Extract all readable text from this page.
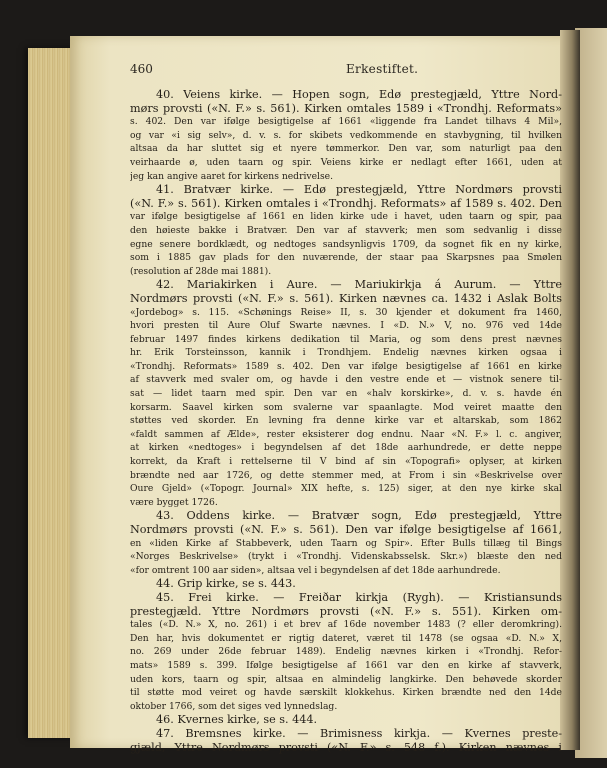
460	Erkestiftet.
40. Veiens kirke. — Hopen sogn, Edø prestegjæld, Yttre Nord-
mørs provsti («N. F.» s. 561). Kirken omtales 1589 i «Trondhj. Reformats»
s. 402. Den var ifølge besigtigelse af 1661 «liggende fra Landet tilhavs 4 Mil»,
og var «i sig selv», d. v. s. for skibets vedkommende en stavbygning, til hvilken
altsaa da har sluttet sig et nyere tømmerkor. Den var, som naturligt paa den
veirhaarde ø, uden taarn og spir. Veiens kirke er nedlagt efter 1661, uden at
jeg kan angive aaret for kirkens nedrivelse.
41. Bratvær kirke. — Edø prestegjæld, Yttre Nordmørs provsti
(«N. F.» s. 561). Kirken omtales i «Trondhj. Reformats» af 1589 s. 402. Den
var ifølge besigtigelse af 1661 en liden kirke ude i havet, uden taarn og spir, paa
den høieste bakke i Bratvær. Den var af stavverk; men som sedvanlig i disse
egne senere bordklædt, og nedtoges sandsynligvis 1709, da sognet fik en ny kirke,
som i 1885 gav plads for den nuværende, der staar paa Skarpsnes paa Smølen
(resolution af 28de mai 1881).
42. Mariakirken i Aure. — Mariukirkja á Aurum. — Yttre
Nordmørs provsti («N. F.» s. 561). Kirken nævnes ca. 1432 i Aslak Bolts
«Jordebog» s. 115. «Schønings Reise» II, s. 30 kjender et dokument fra 1460,
hvori presten til Aure Oluf Swarte nævnes. I «D. N.» V, no. 976 ved 14de
februar 1497 findes kirkens dedikation til Maria, og som dens prest nævnes
hr. Erik Torsteinsson, kannik i Trondhjem. Endelig nævnes kirken ogsaa i
«Trondhj. Reformats» 1589 s. 402. Den var ifølge besigtigelse af 1661 en kirke
af stavverk med svaler om, og havde i den vestre ende et — vistnok senere til-
sat — lidet taarn med spir. Den var en «halv korskirke», d. v. s. havde én
korsarm. Saavel kirken som svalerne var spaanlagte. Mod veiret maatte den
støttes ved skorder. En levning fra denne kirke var et altarskab, som 1862
«faldt sammen af Ælde», rester eksisterer dog endnu. Naar «N. F.» l. c. angiver,
at kirken «nedtoges» i begyndelsen af det 18de aarhundrede, er dette neppe
korrekt, da Kraft i rettelserne til V bind af sin «Topografi» oplyser, at kirken
brændte ned aar 1726, og dette stemmer med, at From i sin «Beskrivelse over
Oure Gjeld» («Topogr. Journal» XIX hefte, s. 125) siger, at den nye kirke skal
være bygget 1726.
43. Oddens kirke. — Bratvær sogn, Edø prestegjæld, Yttre
Nordmørs provsti («N. F.» s. 561). Den var ifølge besigtigelse af 1661,
en «liden Kirke af Stabbeverk, uden Taarn og Spir». Efter Bulls tillæg til Bings
«Norges Beskrivelse» (trykt i «Trondhj. Videnskabsselsk. Skr.») blæste den ned
«for omtrent 100 aar siden», altsaa vel i begyndelsen af det 18de aarhundrede.
44. Grip kirke, se s. 443.
45. Frei kirke. — Freiðar kirkja (Rygh). — Kristiansunds
prestegjæld. Yttre Nordmørs provsti («N. F.» s. 551). Kirken om-
tales («D. N.» X, no. 261) i et brev af 16de november 1483 (? eller deromkring).
Den har, hvis dokumentet er rigtig dateret, været til 1478 (se ogsaa «D. N.» X,
no. 269 under 26de februar 1489). Endelig nævnes kirken i «Trondhj. Refor-
mats» 1589 s. 399. Ifølge besigtigelse af 1661 var den en kirke af stavverk,
uden kors, taarn og spir, altsaa en almindelig langkirke. Den behøvede skorder
til støtte mod veiret og havde særskilt klokkehus. Kirken brændte ned den 14de
oktober 1766, som det siges ved lynnedslag.
46. Kvernes kirke, se s. 444.
47. Bremsnes kirke. — Brimisness kirkja. — Kvernes preste-
gjæld, Yttre Nordmørs provsti («N. F.» s. 548 f.). Kirken nævnes i
